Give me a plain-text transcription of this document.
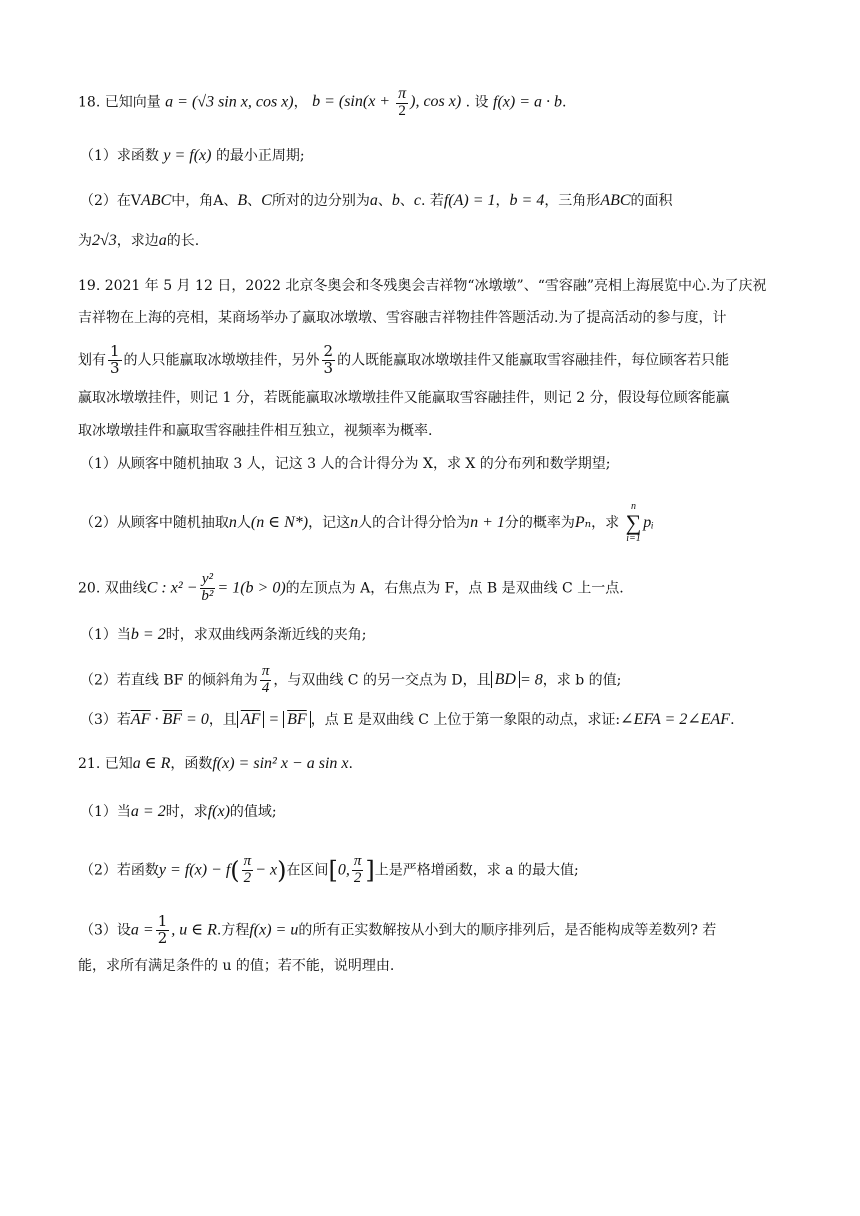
18. 已知向量 a = (√3 sin x, cos x)， $b = (\sin(x + \frac{\pi}{2}$ ), cos x) . 设 f(x) = a · b.
（1）求函数 y = f(x) 的最小正周期;
（2）在VABC中，角A、B、C所对的边分别为a、b、c. 若f(A) = 1，b = 4，三角形ABC的面积
为2√3，求边a的长.
19. 2021 年 5 月 12 日，2022 北京冬奥会和冬残奥会吉祥物“冰墩墩”、“雪容融”亮相上海展览中心.为了庆祝
吉祥物在上海的亮相，某商场举办了赢取冰墩墩、雪容融吉祥物挂件答题活动.为了提高活动的参与度，计
划有 $\frac{1}{3}$ 的人只能赢取冰墩墩挂件，另外 $\frac{2}{3}$ 的人既能赢取冰墩墩挂件又能赢取雪容融挂件，每位顾客若只能
赢取冰墩墩挂件，则记 1 分，若既能赢取冰墩墩挂件又能赢取雪容融挂件，则记 2 分，假设每位顾客能赢
取冰墩墩挂件和赢取雪容融挂件相互独立，视频率为概率.
（1）从顾客中随机抽取 3 人，记这 3 人的合计得分为 X，求 X 的分布列和数学期望;
（2）从顾客中随机抽取n人(n ∈ N*)，记这n人的合计得分恰为n + 1分的概率为Pₙ，求
n
∑
i=1
pᵢ
20. 双曲线C : $x^2 - \frac{\text{y²}}{\text{b²}} = 1(b > 0)$的左顶点为 A，右焦点为 F，点 B 是双曲线 C 上一点.
（1）当b = 2时，求双曲线两条渐近线的夹角;
（2）若直线 BF 的倾斜角为 $\frac{\pi}{4}$ ，与双曲线 C 的另一交点为 D，且 BD = 8，求 b 的值;
（3）若$\overline{AF} \cdot \overline{BF} = 0$，且 $\overline{AF} = \overline{BF}$ ，点 E 是双曲线 C 上位于第一象限的动点，求证:∠EFA = 2∠EAF.
21. 已知a ∈ R，函数f(x) = sin² x − a sin x.
（1）当a = 2时，求f(x)的值域;
（2）若函数$y = f(x) - f( \frac{\pi}{2} - x)$在区间[0, $\frac{\pi}{2}$ ]上是严格增函数，求 a 的最大值;
（3）设$a = \frac{1}{2}$ , u ∈ R.方程f(x) = u的所有正实数解按从小到大的顺序排列后，是否能构成等差数列? 若
能，求所有满足条件的 u 的值；若不能，说明理由.
